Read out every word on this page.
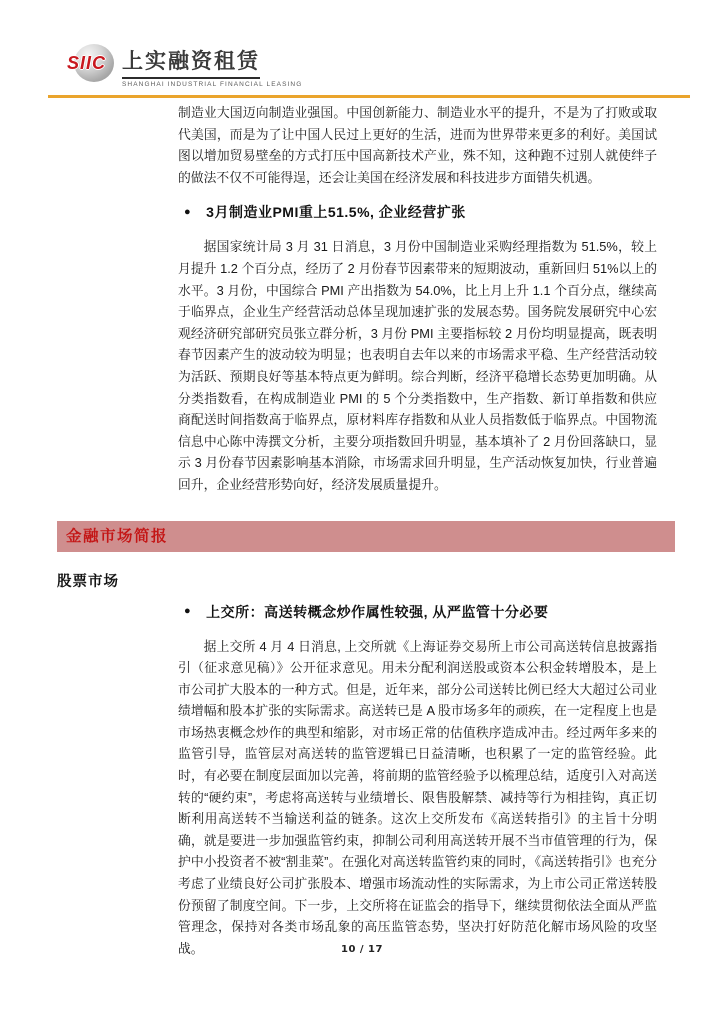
SIIC 上实融资租赁
SHANGHAI INDUSTRIAL FINANCIAL LEASING

制造业大国迈向制造业强国。中国创新能力、制造业水平的提升，不是为了打败或取代美国，而是为了让中国人民过上更好的生活，进而为世界带来更多的利好。美国试图以增加贸易壁垒的方式打压中国高新技术产业，殊不知，这种跑不过别人就使绊子的做法不仅不可能得逞，还会让美国在经济发展和科技进步方面错失机遇。

● 3月制造业PMI重上51.5%, 企业经营扩张

据国家统计局 3 月 31 日消息，3 月份中国制造业采购经理指数为 51.5%，较上月提升 1.2 个百分点，经历了 2 月份春节因素带来的短期波动，重新回归 51%以上的水平。3 月份，中国综合 PMI 产出指数为 54.0%，比上月上升 1.1 个百分点，继续高于临界点，企业生产经营活动总体呈现加速扩张的发展态势。国务院发展研究中心宏观经济研究部研究员张立群分析，3 月份 PMI 主要指标较 2 月份均明显提高，既表明春节因素产生的波动较为明显；也表明自去年以来的市场需求平稳、生产经营活动较为活跃、预期良好等基本特点更为鲜明。综合判断，经济平稳增长态势更加明确。从分类指数看，在构成制造业 PMI 的 5 个分类指数中，生产指数、新订单指数和供应商配送时间指数高于临界点，原材料库存指数和从业人员指数低于临界点。中国物流信息中心陈中涛撰文分析，主要分项指数回升明显，基本填补了 2 月份回落缺口，显示 3 月份春节因素影响基本消除，市场需求回升明显，生产活动恢复加快，行业普遍回升，企业经营形势向好，经济发展质量提升。

金融市场简报
股票市场
● 上交所：高送转概念炒作属性较强, 从严监管十分必要

据上交所 4 月 4 日消息, 上交所就《上海证券交易所上市公司高送转信息披露指引（征求意见稿）》公开征求意见。用未分配利润送股或资本公积金转增股本，是上市公司扩大股本的一种方式。但是，近年来，部分公司送转比例已经大大超过公司业绩增幅和股本扩张的实际需求。高送转已是 A 股市场多年的顽疾，在一定程度上也是市场热衷概念炒作的典型和缩影，对市场正常的估值秩序造成冲击。经过两年多来的监管引导，监管层对高送转的监管逻辑已日益清晰，也积累了一定的监管经验。此时，有必要在制度层面加以完善，将前期的监管经验予以梳理总结，适度引入对高送转的“硬约束”，考虑将高送转与业绩增长、限售股解禁、减持等行为相挂钩，真正切断利用高送转不当输送利益的链条。这次上交所发布《高送转指引》的主旨十分明确，就是要进一步加强监管约束，抑制公司利用高送转开展不当市值管理的行为，保护中小投资者不被“割韭菜”。在强化对高送转监管约束的同时，《高送转指引》也充分考虑了业绩良好公司扩张股本、增强市场流动性的实际需求，为上市公司正常送转股份预留了制度空间。下一步，上交所将在证监会的指导下，继续贯彻依法全面从严监管理念，保持对各类市场乱象的高压监管态势，坚决打好防范化解市场风险的攻坚战。	10 / 17
